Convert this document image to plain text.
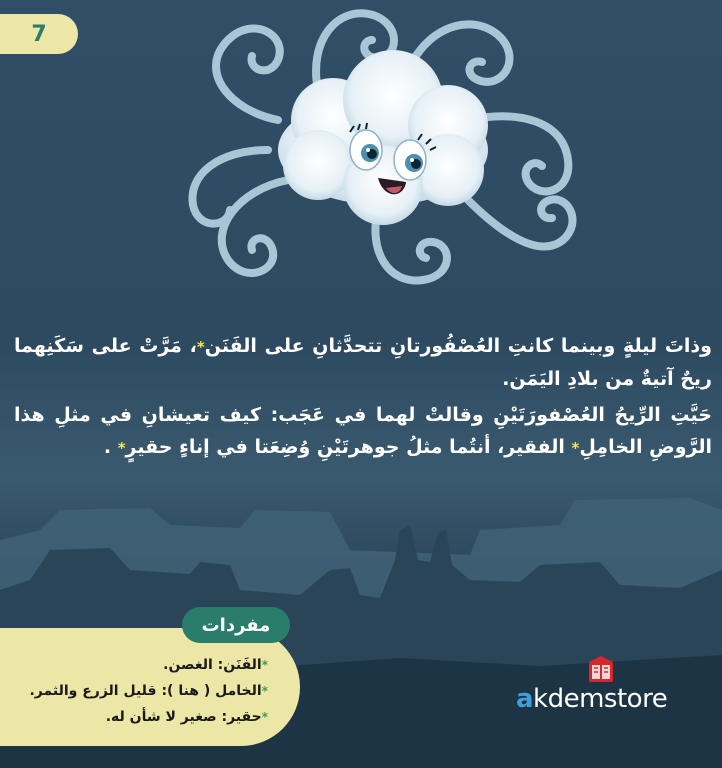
7

وذاتَ ليلةٍ وبينما كانتِ العُصْفُورتانِ تتحدَّثانِ على الفَنَن*، مَرَّتْ على سَكَنِهما ريحٌ آتيةٌ من بلادِ اليَمَن.

حَيَّتِ الرِّيحُ العُصْفورَتَيْنِ وقالتْ لهما في عَجَب: كيف تعيشانِ في مثلِ هذا الرَّوضِ الخامِلِ* الفقير، أنتُما مثلُ جوهرتَيْنِ وُضِعَتا في إناءٍ حقيرٍ* .

مفردات
*الفَنَن: الغصن.
*الخامل ( هنا ): قليل الزرع والثمر.
*حقير: صغير لا شأن له.
akdemstore
